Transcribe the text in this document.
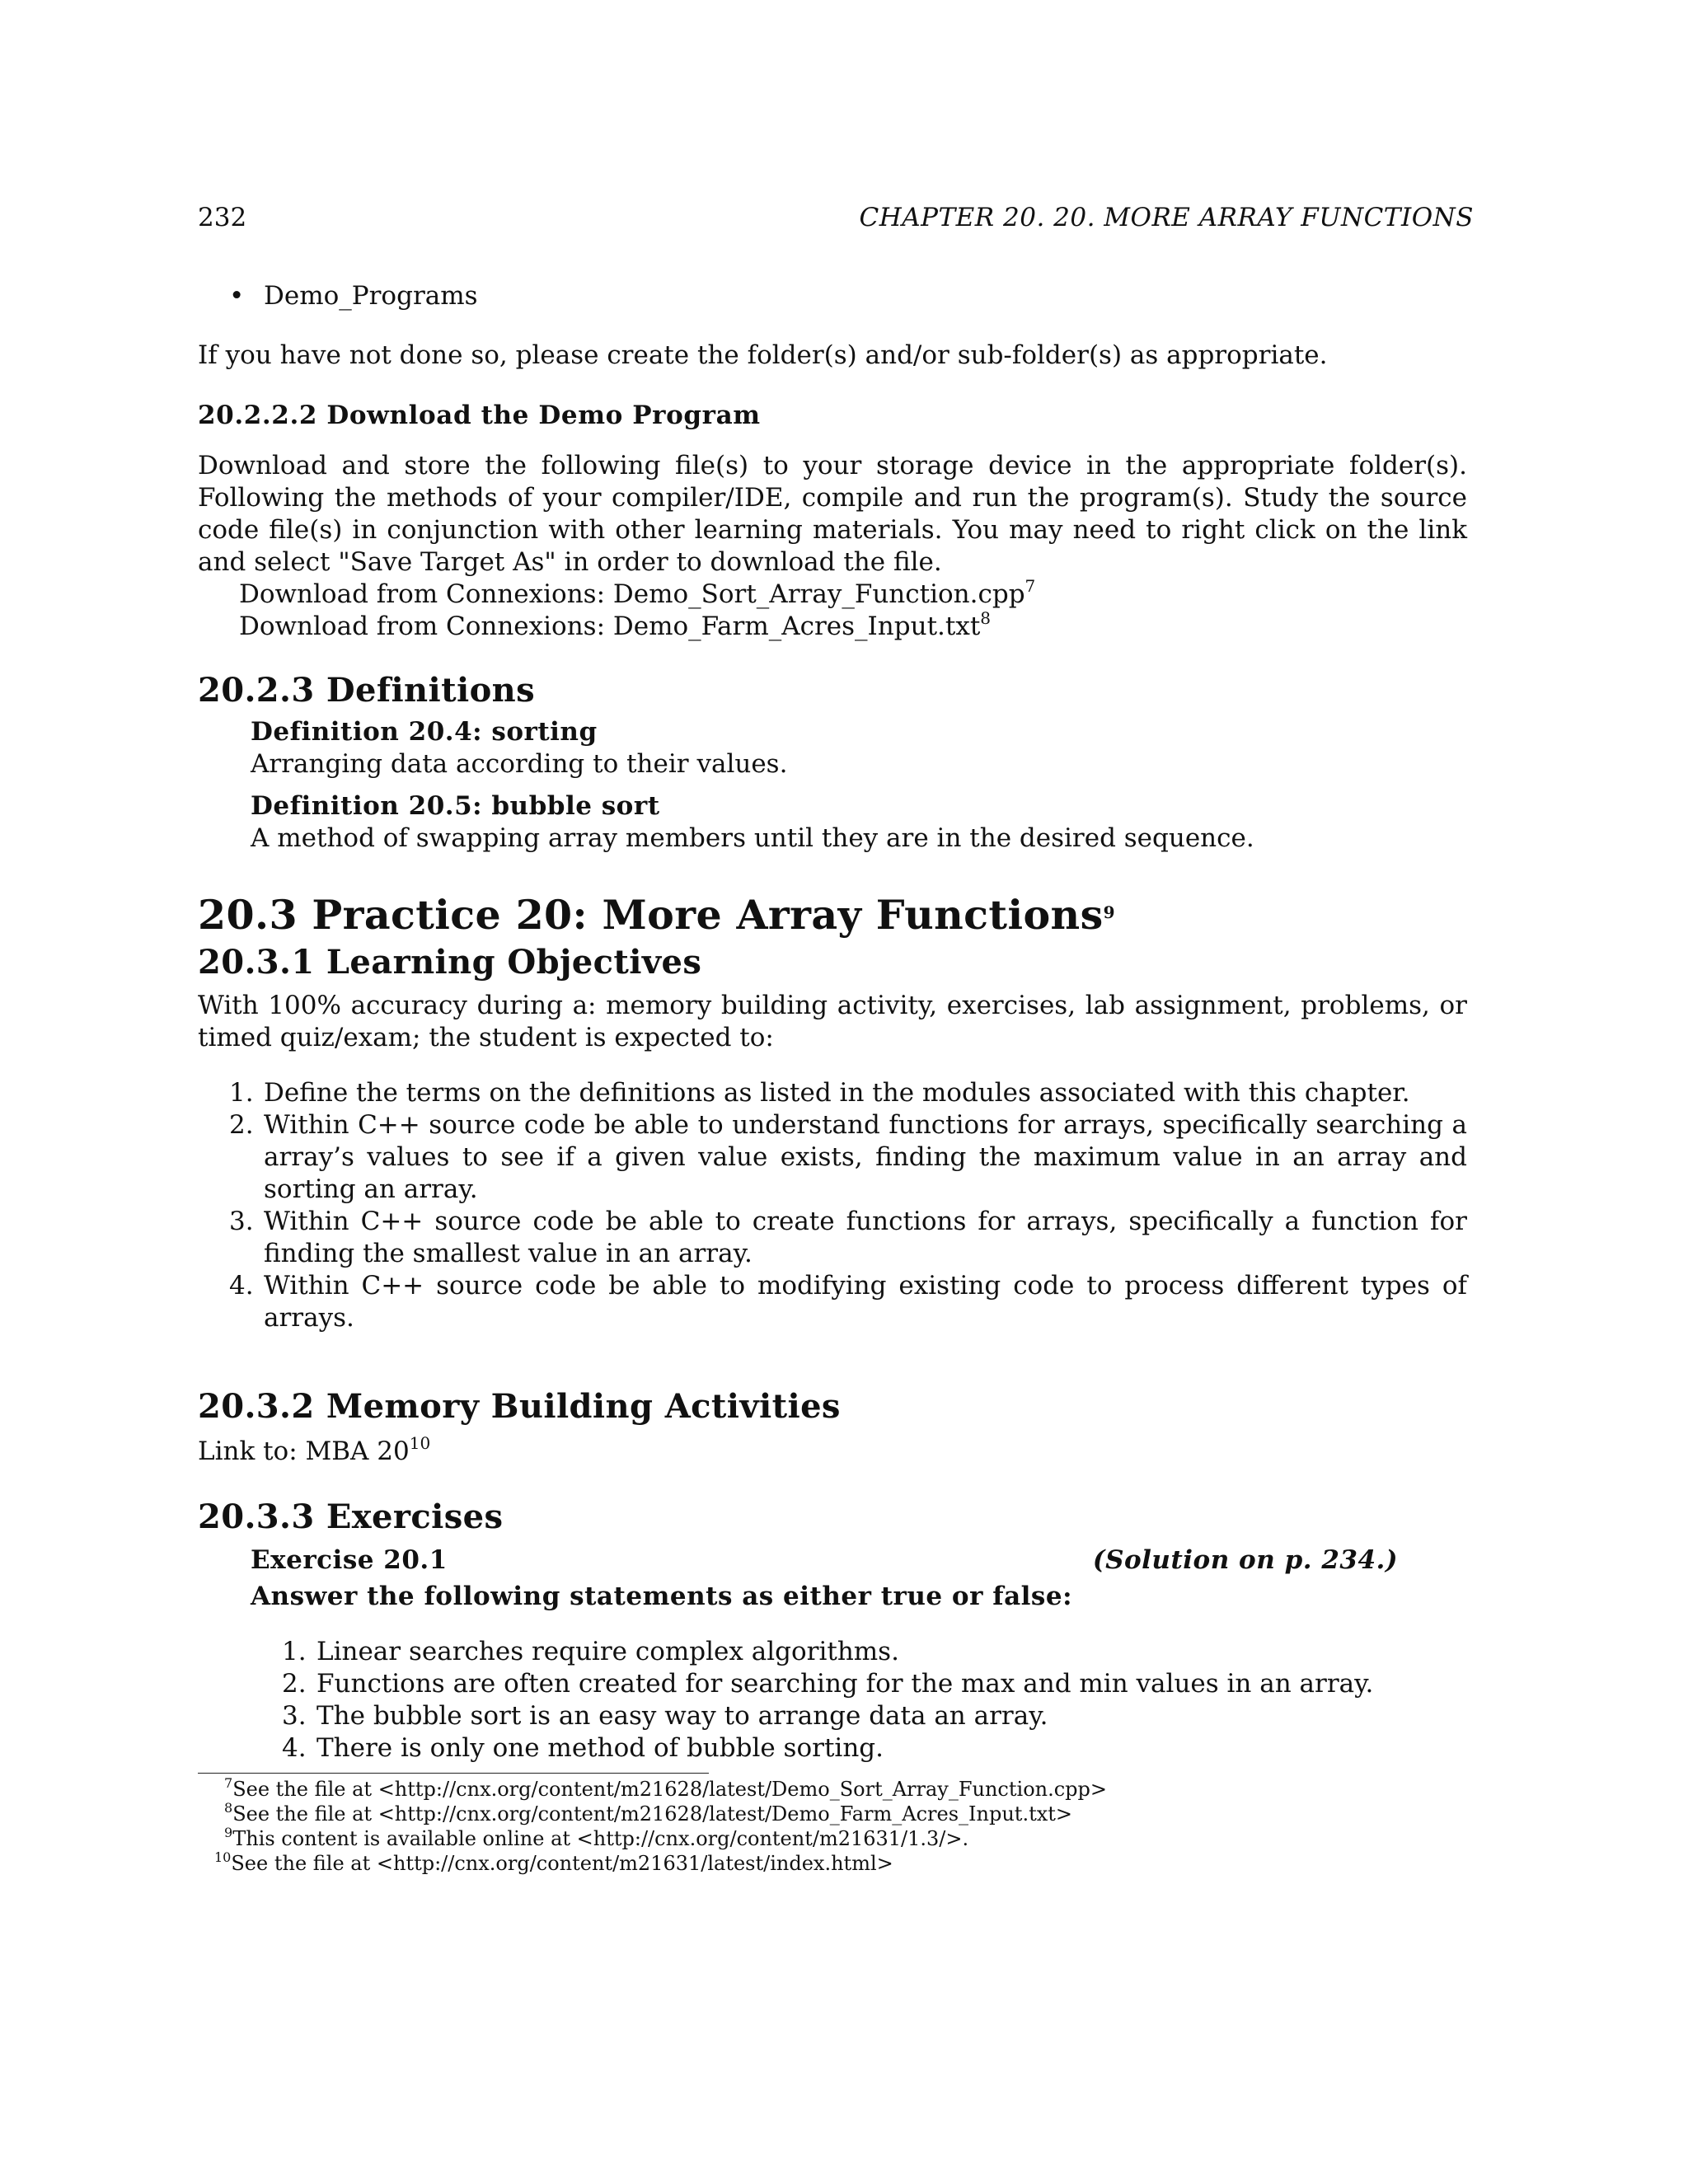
232	CHAPTER 20. 20. MORE ARRAY FUNCTIONS
• Demo_Programs

If you have not done so, please create the folder(s) and/or sub-folder(s) as appropriate.

20.2.2.2 Download the Demo Program

Download and store the following file(s) to your storage device in the appropriate folder(s). Following the methods of your compiler/IDE, compile and run the program(s). Study the source code file(s) in conjunction with other learning materials. You may need to right click on the link and select "Save Target As" in order to download the file.

Download from Connexions: Demo_Sort_Array_Function.cpp$^7$

Download from Connexions: Demo_Farm_Acres_Input.txt$^8$

20.2.3 Definitions

Definition 20.4: sorting

Arranging data according to their values.

Definition 20.5: bubble sort

A method of swapping array members until they are in the desired sequence.

20.3 Practice 20: More Array Functions$^9$
20.3.1 Learning Objectives

With 100% accuracy during a: memory building activity, exercises, lab assignment, problems, or timed quiz/exam; the student is expected to:

1. Define the terms on the definitions as listed in the modules associated with this chapter.
2. Within C++ source code be able to understand functions for arrays, specifically searching a array’s values to see if a given value exists, finding the maximum value in an array and sorting an array.
3. Within C++ source code be able to create functions for arrays, specifically a function for finding the smallest value in an array.
4. Within C++ source code be able to modifying existing code to process different types of arrays.
20.3.2 Memory Building Activities

Link to: MBA $20^{10}$

20.3.3 Exercises
Exercise 20.1	(Solution on p. 234.)

Answer the following statements as either true or false:

1. Linear searches require complex algorithms.
2. Functions are often created for searching for the max and min values in an array.
3. The bubble sort is an easy way to arrange data an array.
4. There is only one method of bubble sorting.

$^7$See the file at <http://cnx.org/content/m21628/latest/Demo_Sort_Array_Function.cpp>

$^8$See the file at <http://cnx.org/content/m21628/latest/Demo_Farm_Acres_Input.txt>

$^9$This content is available online at <http://cnx.org/content/m21631/1.3/>.

$^{10}$See the file at <http://cnx.org/content/m21631/latest/index.html>
